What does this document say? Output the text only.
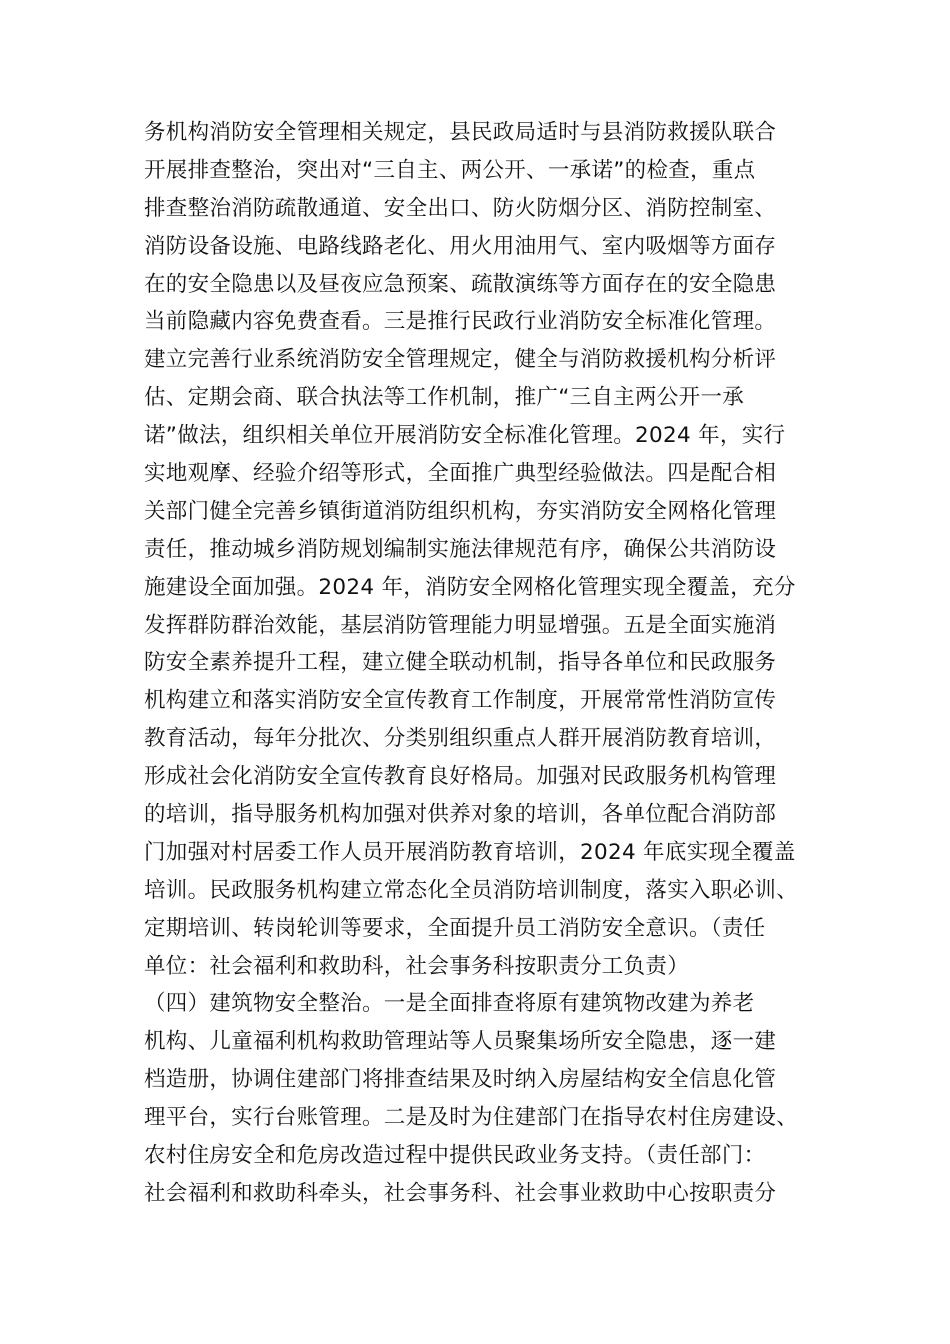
务机构消防安全管理相关规定，县民政局适时与县消防救援队联合
开展排查整治，突出对“三自主、两公开、一承诺”的检查，重点
排查整治消防疏散通道、安全出口、防火防烟分区、消防控制室、
消防设备设施、电路线路老化、用火用油用气、室内吸烟等方面存
在的安全隐患以及昼夜应急预案、疏散演练等方面存在的安全隐患
当前隐藏内容免费查看。三是推行民政行业消防安全标准化管理。
建立完善行业系统消防安全管理规定，健全与消防救援机构分析评
估、定期会商、联合执法等工作机制，推广“三自主两公开一承
诺”做法，组织相关单位开展消防安全标准化管理。2024 年，实行
实地观摩、经验介绍等形式，全面推广典型经验做法。四是配合相
关部门健全完善乡镇街道消防组织机构，夯实消防安全网格化管理
责任，推动城乡消防规划编制实施法律规范有序，确保公共消防设
施建设全面加强。2024 年，消防安全网格化管理实现全覆盖，充分
发挥群防群治效能，基层消防管理能力明显增强。五是全面实施消
防安全素养提升工程，建立健全联动机制，指导各单位和民政服务
机构建立和落实消防安全宣传教育工作制度，开展常常性消防宣传
教育活动，每年分批次、分类别组织重点人群开展消防教育培训，
形成社会化消防安全宣传教育良好格局。加强对民政服务机构管理
的培训，指导服务机构加强对供养对象的培训，各单位配合消防部
门加强对村居委工作人员开展消防教育培训，2024 年底实现全覆盖
培训。民政服务机构建立常态化全员消防培训制度，落实入职必训、
定期培训、转岗轮训等要求，全面提升员工消防安全意识。（责任
单位：社会福利和救助科，社会事务科按职责分工负责）
（四）建筑物安全整治。一是全面排查将原有建筑物改建为养老
机构、儿童福利机构救助管理站等人员聚集场所安全隐患，逐一建
档造册，协调住建部门将排查结果及时纳入房屋结构安全信息化管
理平台，实行台账管理。二是及时为住建部门在指导农村住房建设、
农村住房安全和危房改造过程中提供民政业务支持。（责任部门：
社会福利和救助科牵头，社会事务科、社会事业救助中心按职责分
